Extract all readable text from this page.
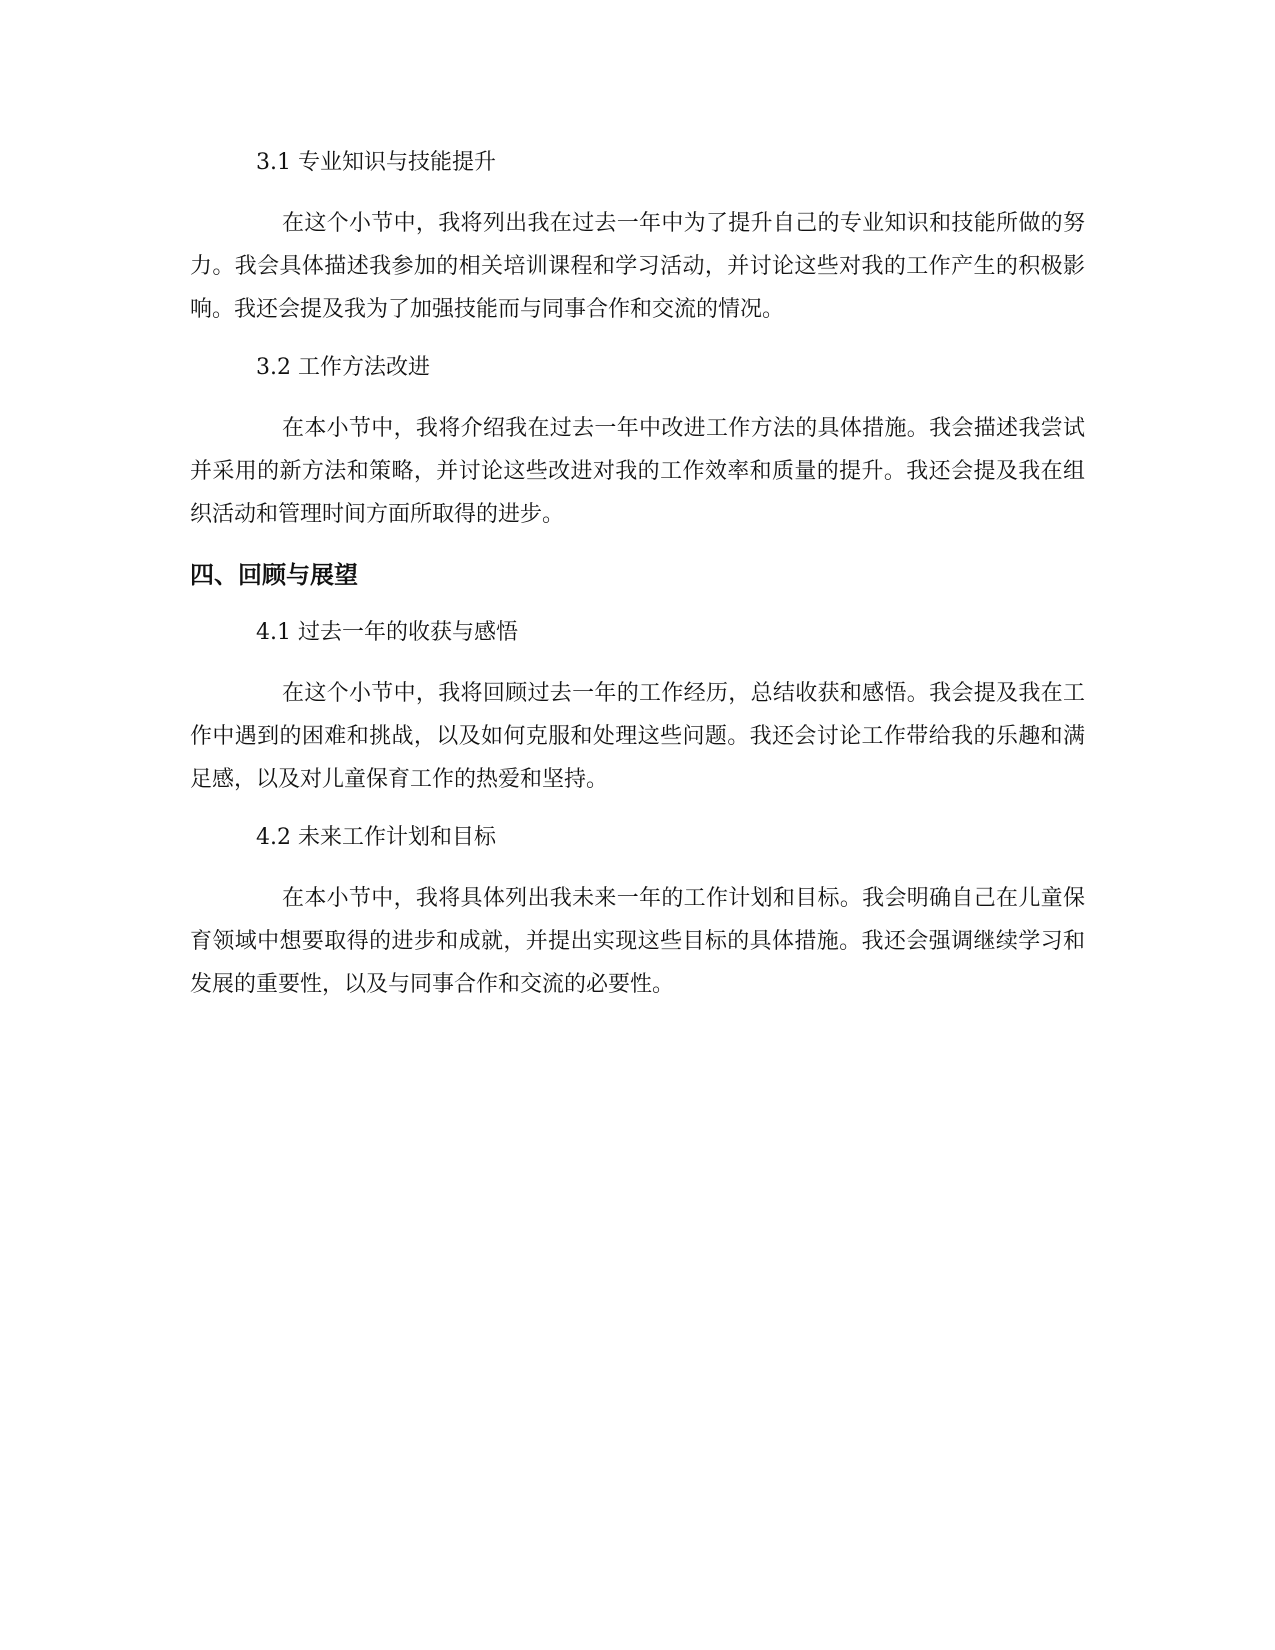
3.1 专业知识与技能提升

在这个小节中，我将列出我在过去一年中为了提升自己的专业知识和技能所做的努力。我会具体描述我参加的相关培训课程和学习活动，并讨论这些对我的工作产生的积极影响。我还会提及我为了加强技能而与同事合作和交流的情况。

3.2 工作方法改进

在本小节中，我将介绍我在过去一年中改进工作方法的具体措施。我会描述我尝试并采用的新方法和策略，并讨论这些改进对我的工作效率和质量的提升。我还会提及我在组织活动和管理时间方面所取得的进步。

四、回顾与展望
4.1 过去一年的收获与感悟

在这个小节中，我将回顾过去一年的工作经历，总结收获和感悟。我会提及我在工作中遇到的困难和挑战，以及如何克服和处理这些问题。我还会讨论工作带给我的乐趣和满足感，以及对儿童保育工作的热爱和坚持。

4.2 未来工作计划和目标

在本小节中，我将具体列出我未来一年的工作计划和目标。我会明确自己在儿童保育领域中想要取得的进步和成就，并提出实现这些目标的具体措施。我还会强调继续学习和发展的重要性，以及与同事合作和交流的必要性。
